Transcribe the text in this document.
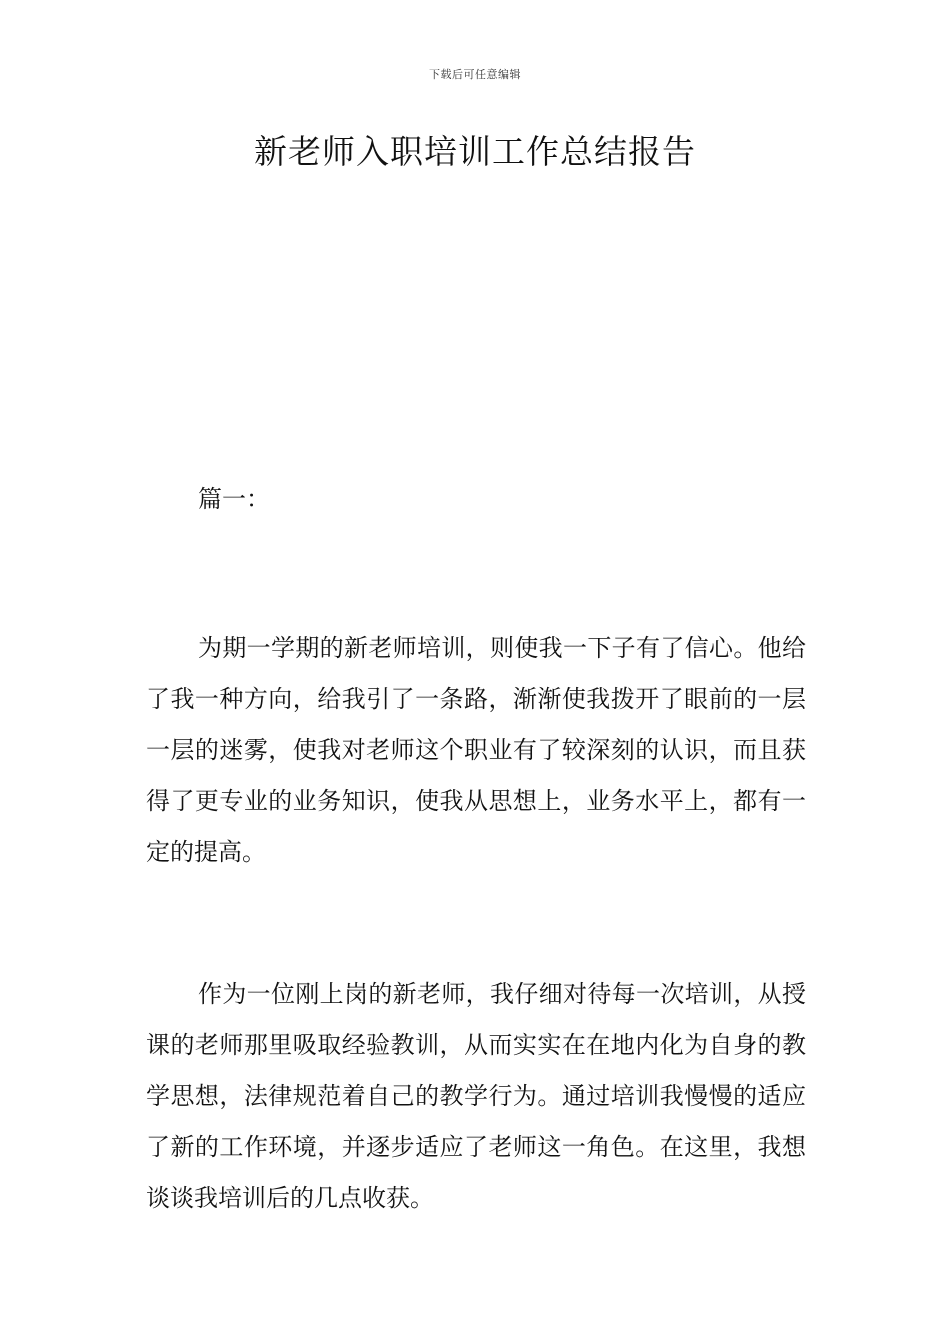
下载后可任意编辑
新老师入职培训工作总结报告

篇一：

为期一学期的新老师培训，则使我一下子有了信心。他给了我一种方向，给我引了一条路，渐渐使我拨开了眼前的一层一层的迷雾，使我对老师这个职业有了较深刻的认识，而且获得了更专业的业务知识，使我从思想上，业务水平上，都有一定的提高。

作为一位刚上岗的新老师，我仔细对待每一次培训，从授课的老师那里吸取经验教训，从而实实在在地内化为自身的教学思想，法律规范着自己的教学行为。通过培训我慢慢的适应了新的工作环境，并逐步适应了老师这一角色。在这里，我想谈谈我培训后的几点收获。
